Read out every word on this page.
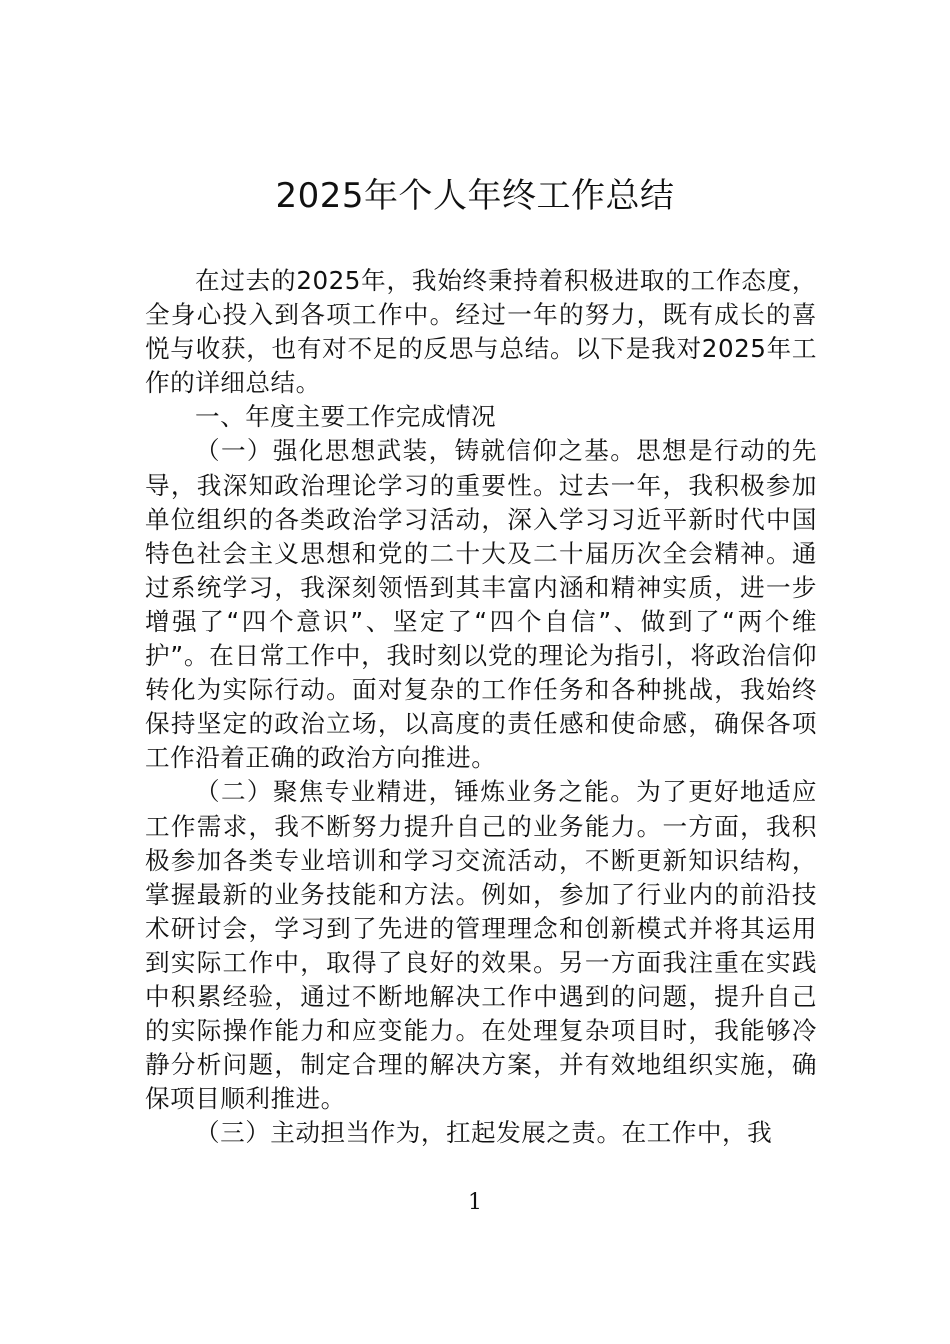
2025年个人年终工作总结

在过去的2025年，我始终秉持着积极进取的工作态度，全身心投入到各项工作中。经过一年的努力，既有成长的喜悦与收获，也有对不足的反思与总结。以下是我对2025年工作的详细总结。

一、年度主要工作完成情况

（一）强化思想武装，铸就信仰之基。思想是行动的先导，我深知政治理论学习的重要性。过去一年，我积极参加单位组织的各类政治学习活动，深入学习习近平新时代中国特色社会主义思想和党的二十大及二十届历次全会精神。通过系统学习，我深刻领悟到其丰富内涵和精神实质，进一步增强了“四个意识”、坚定了“四个自信”、做到了“两个维护”。在日常工作中，我时刻以党的理论为指引，将政治信仰转化为实际行动。面对复杂的工作任务和各种挑战，我始终保持坚定的政治立场，以高度的责任感和使命感，确保各项工作沿着正确的政治方向推进。

（二）聚焦专业精进，锤炼业务之能。为了更好地适应工作需求，我不断努力提升自己的业务能力。一方面，我积极参加各类专业培训和学习交流活动，不断更新知识结构，掌握最新的业务技能和方法。例如，参加了行业内的前沿技术研讨会，学习到了先进的管理理念和创新模式并将其运用到实际工作中，取得了良好的效果。另一方面我注重在实践中积累经验，通过不断地解决工作中遇到的问题，提升自己的实际操作能力和应变能力。在处理复杂项目时，我能够冷静分析问题，制定合理的解决方案，并有效地组织实施，确保项目顺利推进。

（三）主动担当作为，扛起发展之责。在工作中，我

1
